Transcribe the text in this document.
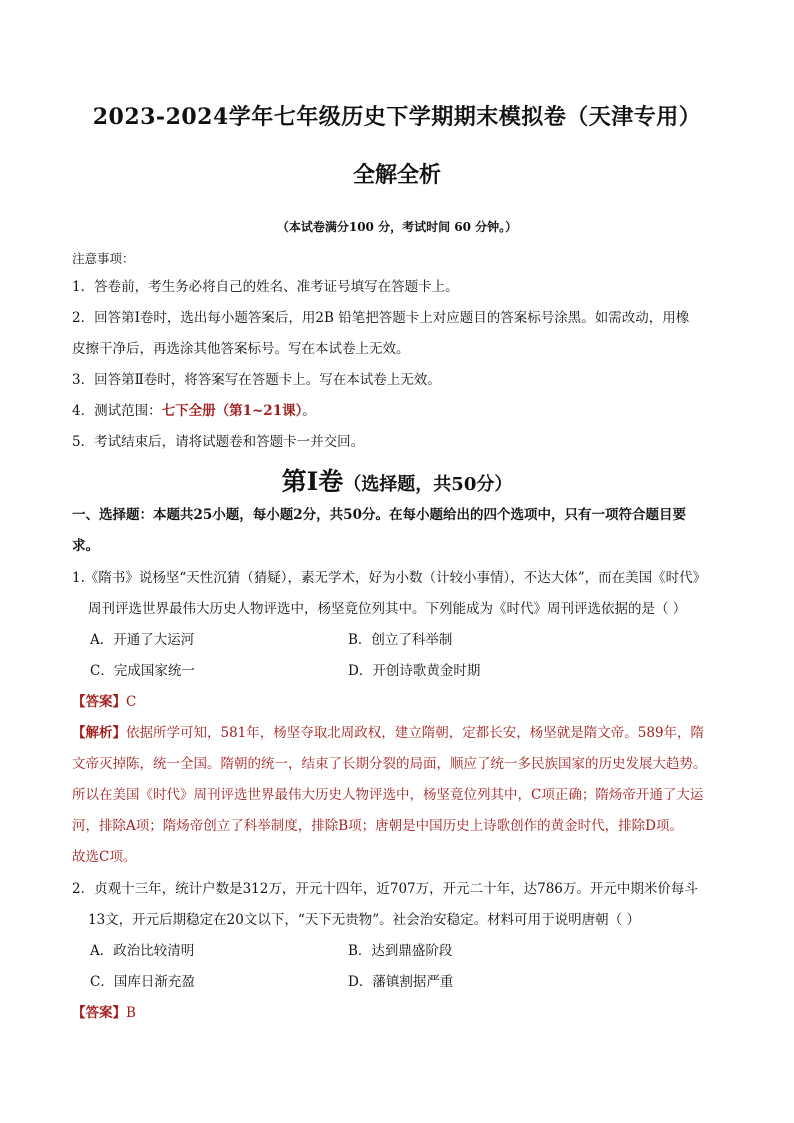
2023-2024学年七年级历史下学期期末模拟卷（天津专用）
全解全析
（本试卷满分100 分，考试时间 60 分钟。）
注意事项：
1．答卷前，考生务必将自己的姓名、准考证号填写在答题卡上。
2．回答第Ⅰ卷时，选出每小题答案后，用2B 铅笔把答题卡上对应题目的答案标号涂黑。如需改动，用橡
皮擦干净后，再选涂其他答案标号。写在本试卷上无效。
3．回答第Ⅱ卷时，将答案写在答题卡上。写在本试卷上无效。
4．测试范围：七下全册（第1~21课）。
5．考试结束后，请将试题卷和答题卡一并交回。
第Ⅰ卷（选择题，共50分）
一、选择题：本题共25小题，每小题2分，共50分。在每小题给出的四个选项中，只有一项符合题目要
求。
1.《隋书》说杨坚“天性沉猜（猜疑），素无学术，好为小数（计较小事情），不达大体”，而在美国《时代》
周刊评选世界最伟大历史人物评选中，杨坚竟位列其中。下列能成为《时代》周刊评选依据的是（ ）
A．开通了大运河	B．创立了科举制
C．完成国家统一	D．开创诗歌黄金时期
【答案】C
【解析】依据所学可知，581年，杨坚夺取北周政权，建立隋朝，定都长安，杨坚就是隋文帝。589年，隋
文帝灭掉陈，统一全国。隋朝的统一，结束了长期分裂的局面，顺应了统一多民族国家的历史发展大趋势。
所以在美国《时代》周刊评选世界最伟大历史人物评选中，杨坚竟位列其中，C项正确；隋炀帝开通了大运
河，排除A项；隋炀帝创立了科举制度，排除B项；唐朝是中国历史上诗歌创作的黄金时代，排除D项。
故选C项。
2．贞观十三年，统计户数是312万，开元十四年，近707万，开元二十年，达786万。开元中期米价每斗
13文，开元后期稳定在20文以下，“天下无贵物”。社会治安稳定。材料可用于说明唐朝（ ）
A．政治比较清明	B．达到鼎盛阶段
C．国库日渐充盈	D．藩镇割据严重
【答案】B
